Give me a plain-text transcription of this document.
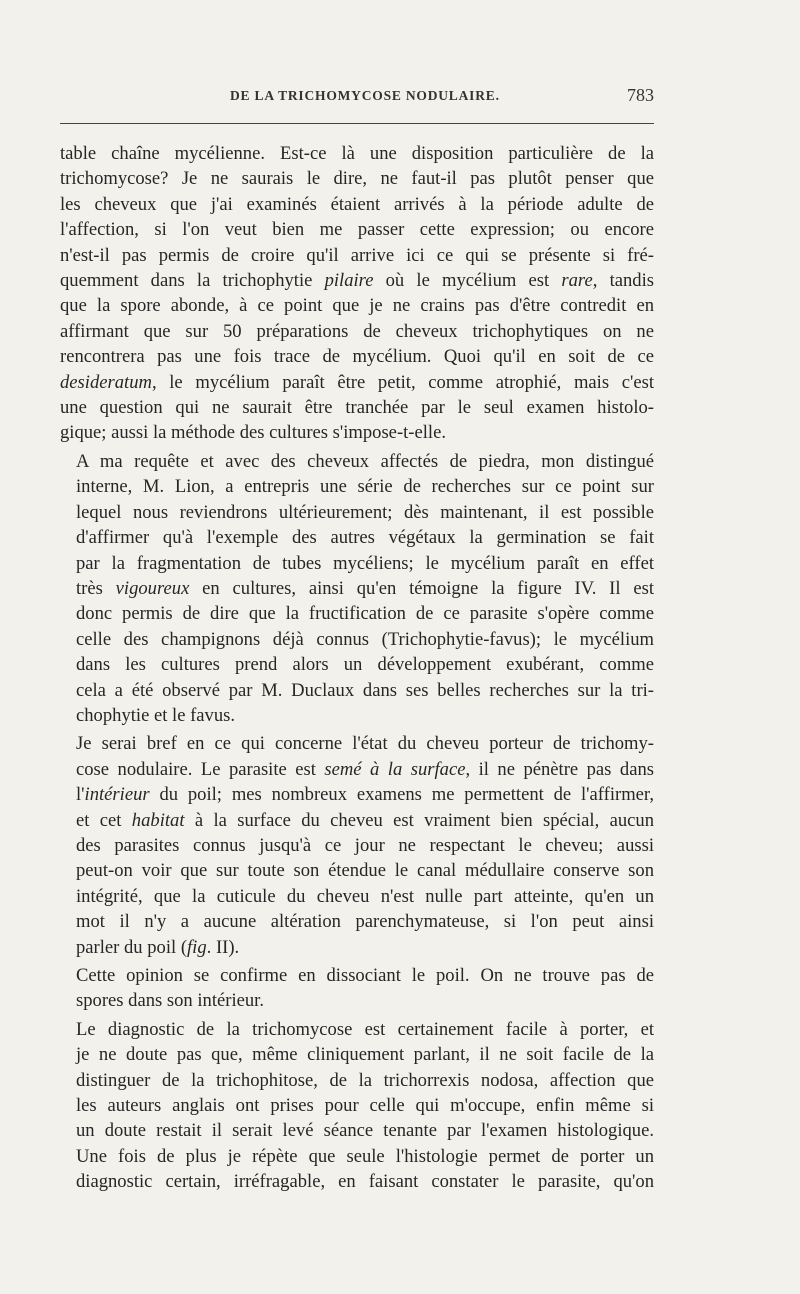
DE LA TRICHOMYCOSE NODULAIRE.	783

table chaîne mycélienne. Est-ce là une disposition particulière de la
trichomycose? Je ne saurais le dire, ne faut-il pas plutôt penser que
les cheveux que j'ai examinés étaient arrivés à la période adulte de
l'affection, si l'on veut bien me passer cette expression; ou encore
n'est-il pas permis de croire qu'il arrive ici ce qui se présente si fré-
quemment dans la trichophytie pilaire où le mycélium est rare, tandis
que la spore abonde, à ce point que je ne crains pas d'être contredit en
affirmant que sur 50 préparations de cheveux trichophytiques on ne
rencontrera pas une fois trace de mycélium. Quoi qu'il en soit de ce
desideratum, le mycélium paraît être petit, comme atrophié, mais c'est
une question qui ne saurait être tranchée par le seul examen histolo-
gique; aussi la méthode des cultures s'impose-t-elle.

A ma requête et avec des cheveux affectés de piedra, mon distingué
interne, M. Lion, a entrepris une série de recherches sur ce point sur
lequel nous reviendrons ultérieurement; dès maintenant, il est possible
d'affirmer qu'à l'exemple des autres végétaux la germination se fait
par la fragmentation de tubes mycéliens; le mycélium paraît en effet
très vigoureux en cultures, ainsi qu'en témoigne la figure IV. Il est
donc permis de dire que la fructification de ce parasite s'opère comme
celle des champignons déjà connus (Trichophytie-favus); le mycélium
dans les cultures prend alors un développement exubérant, comme
cela a été observé par M. Duclaux dans ses belles recherches sur la tri-
chophytie et le favus.

Je serai bref en ce qui concerne l'état du cheveu porteur de trichomy-
cose nodulaire. Le parasite est semé à la surface, il ne pénètre pas dans
l'intérieur du poil; mes nombreux examens me permettent de l'affirmer,
et cet habitat à la surface du cheveu est vraiment bien spécial, aucun
des parasites connus jusqu'à ce jour ne respectant le cheveu; aussi
peut-on voir que sur toute son étendue le canal médullaire conserve son
intégrité, que la cuticule du cheveu n'est nulle part atteinte, qu'en un
mot il n'y a aucune altération parenchymateuse, si l'on peut ainsi
parler du poil (fig. II).

Cette opinion se confirme en dissociant le poil. On ne trouve pas de
spores dans son intérieur.

Le diagnostic de la trichomycose est certainement facile à porter, et
je ne doute pas que, même cliniquement parlant, il ne soit facile de la
distinguer de la trichophitose, de la trichorrexis nodosa, affection que
les auteurs anglais ont prises pour celle qui m'occupe, enfin même si
un doute restait il serait levé séance tenante par l'examen histologique.
Une fois de plus je répète que seule l'histologie permet de porter un
diagnostic certain, irréfragable, en faisant constater le parasite, qu'on
